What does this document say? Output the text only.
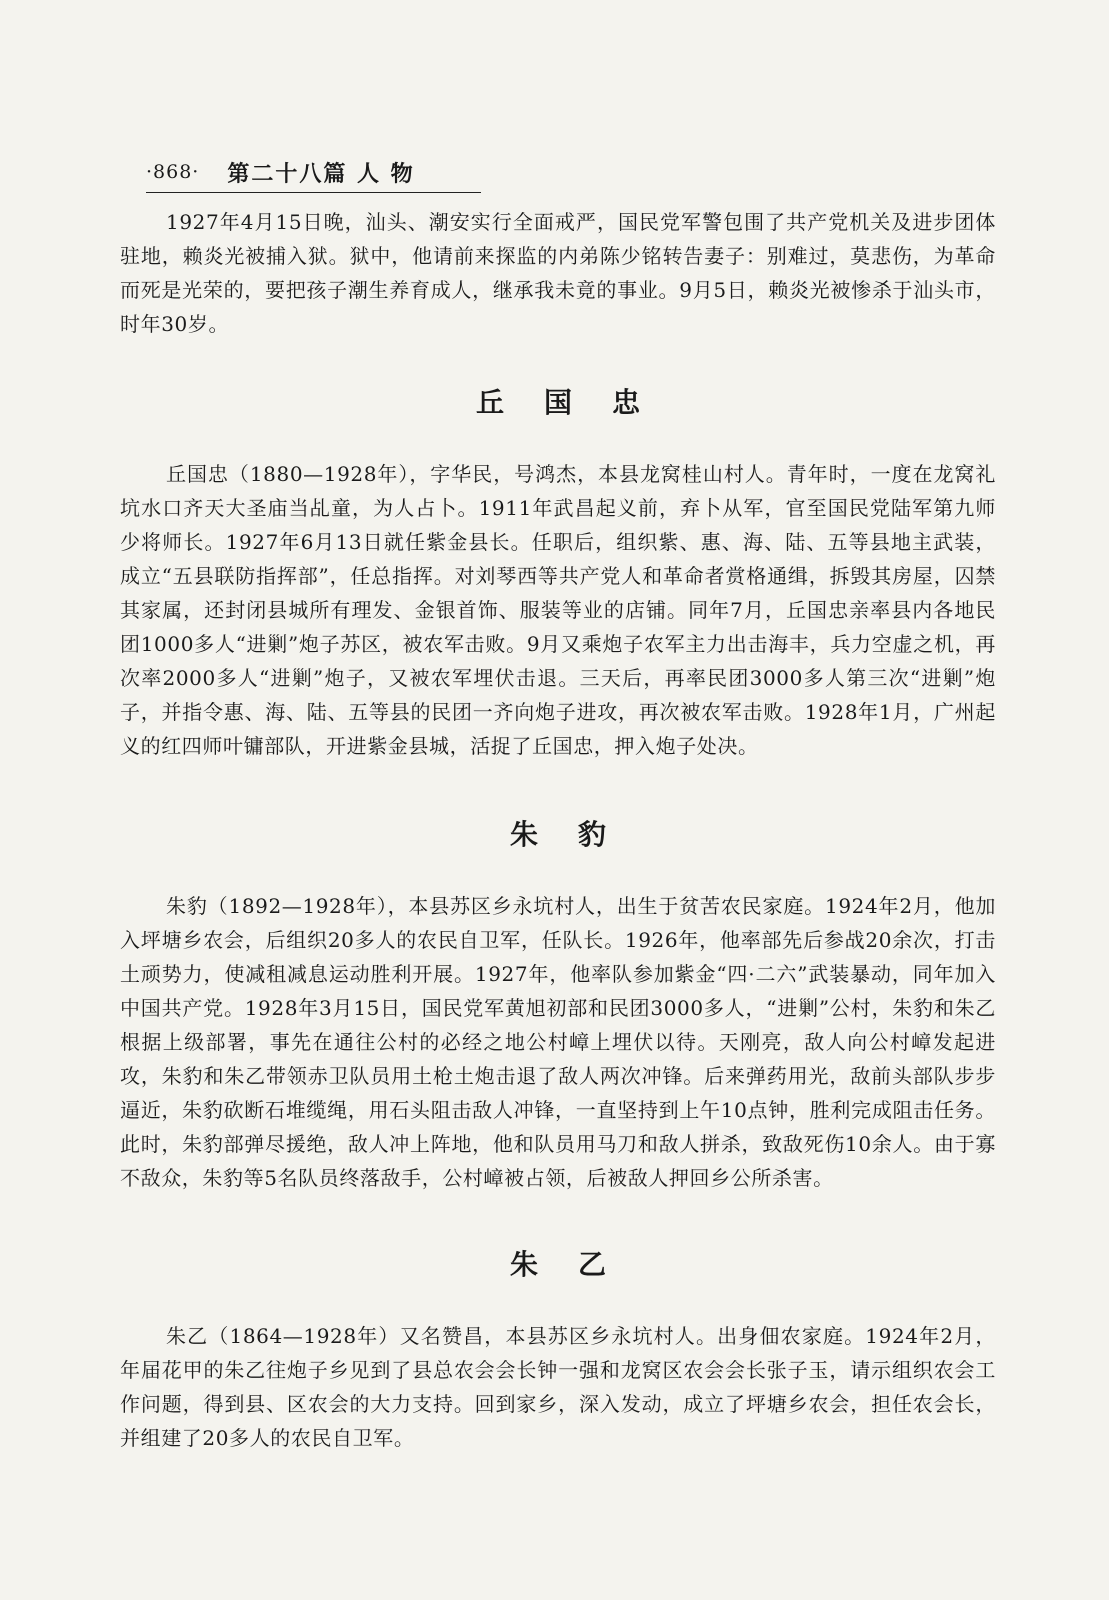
·868· 第二十八篇 人 物

1927年4月15日晚，汕头、潮安实行全面戒严，国民党军警包围了共产党机关及进步团体驻地，赖炎光被捕入狱。狱中，他请前来探监的内弟陈少铭转告妻子：别难过，莫悲伤，为革命而死是光荣的，要把孩子潮生养育成人，继承我未竟的事业。9月5日，赖炎光被惨杀于汕头市，时年30岁。

丘国忠

丘国忠（1880—1928年），字华民，号鸿杰，本县龙窝桂山村人。青年时，一度在龙窝礼坑水口齐天大圣庙当乩童，为人占卜。1911年武昌起义前，弃卜从军，官至国民党陆军第九师少将师长。1927年6月13日就任紫金县长。任职后，组织紫、惠、海、陆、五等县地主武装，成立“五县联防指挥部”，任总指挥。对刘琴西等共产党人和革命者赏格通缉，拆毁其房屋，囚禁其家属，还封闭县城所有理发、金银首饰、服装等业的店铺。同年7月，丘国忠亲率县内各地民团1000多人“进剿”炮子苏区，被农军击败。9月又乘炮子农军主力出击海丰，兵力空虚之机，再次率2000多人“进剿”炮子，又被农军埋伏击退。三天后，再率民团3000多人第三次“进剿”炮子，并指令惠、海、陆、五等县的民团一齐向炮子进攻，再次被农军击败。1928年1月，广州起义的红四师叶镛部队，开进紫金县城，活捉了丘国忠，押入炮子处决。

朱豹

朱豹（1892—1928年），本县苏区乡永坑村人，出生于贫苦农民家庭。1924年2月，他加入坪塘乡农会，后组织20多人的农民自卫军，任队长。1926年，他率部先后参战20余次，打击土顽势力，使减租减息运动胜利开展。1927年，他率队参加紫金“四·二六”武装暴动，同年加入中国共产党。1928年3月15日，国民党军黄旭初部和民团3000多人，“进剿”公村，朱豹和朱乙根据上级部署，事先在通往公村的必经之地公村嶂上埋伏以待。天刚亮，敌人向公村嶂发起进攻，朱豹和朱乙带领赤卫队员用土枪土炮击退了敌人两次冲锋。后来弹药用光，敌前头部队步步逼近，朱豹砍断石堆缆绳，用石头阻击敌人冲锋，一直坚持到上午10点钟，胜利完成阻击任务。此时，朱豹部弹尽援绝，敌人冲上阵地，他和队员用马刀和敌人拼杀，致敌死伤10余人。由于寡不敌众，朱豹等5名队员终落敌手，公村嶂被占领，后被敌人押回乡公所杀害。

朱乙

朱乙（1864—1928年）又名赞昌，本县苏区乡永坑村人。出身佃农家庭。1924年2月，年届花甲的朱乙往炮子乡见到了县总农会会长钟一强和龙窝区农会会长张子玉，请示组织农会工作问题，得到县、区农会的大力支持。回到家乡，深入发动，成立了坪塘乡农会，担任农会长，并组建了20多人的农民自卫军。
